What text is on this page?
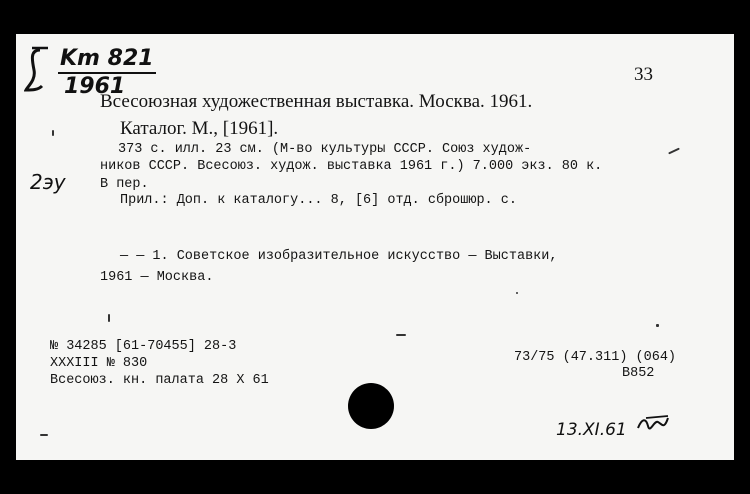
Km 821
1961	33
Всесоюзная художественная выставка. Москва. 1961.
Каталог. М., [1961].
373 с. илл. 23 см. (М-во культуры СССР. Союз худож-
ников СССР. Всесоюз. худож. выставка 1961 г.) 7.000 экз. 80 к.
В пер.
Прил.: Доп. к каталогу... 8, [6] отд. сброшюр. с.
2эу
— — 1. Советское изобразительное искусство — Выставки,
1961 — Москва.
№ 34285 [61-70455] 28-3
XXXIII № 830
Всесоюз. кн. палата 28 X 61
73/75 (47.311) (064)
В852
13.XI.61
